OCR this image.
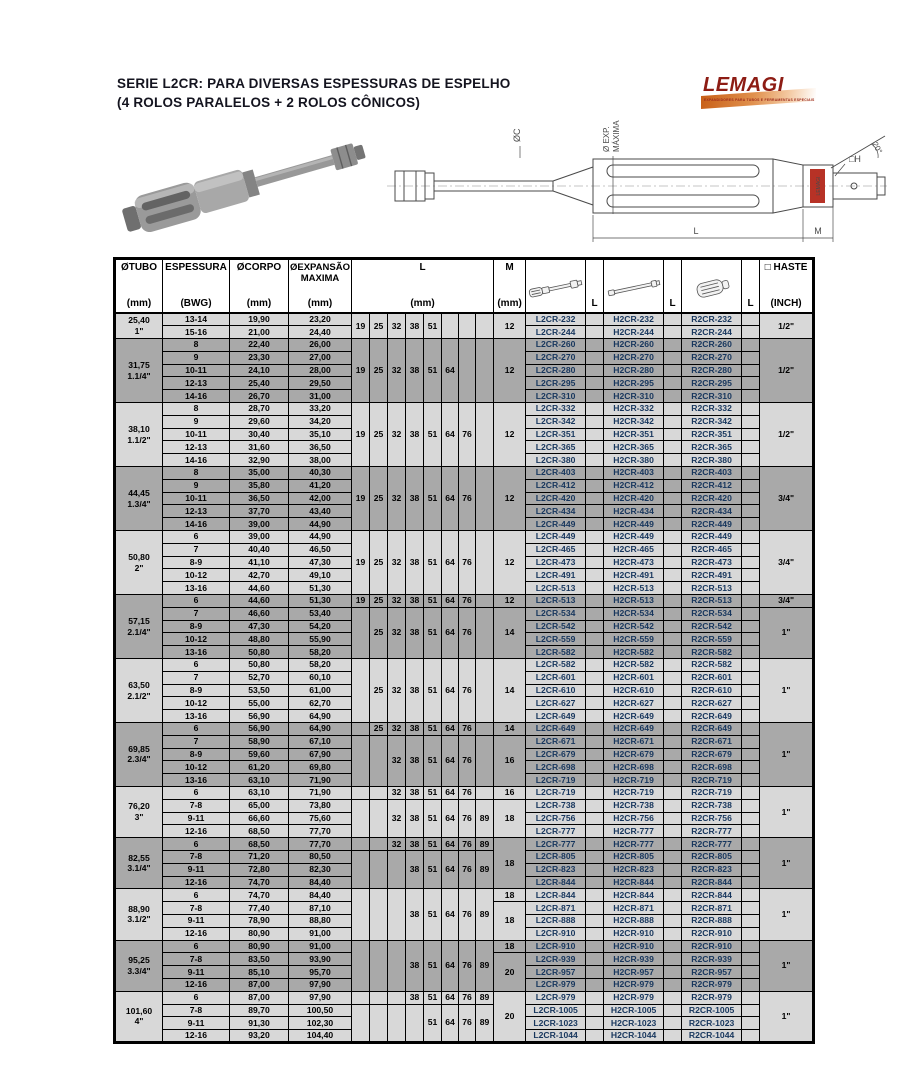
SERIE L2CR: PARA DIVERSAS ESPESSURAS DE ESPELHO
(4 ROLOS PARALELOS + 2 ROLOS CÔNICOS)
LEMAGI
EXPANDIDORES PARA TUBOS E FERRAMENTAS ESPECIAIS
LEMAGI
ØC	Ø EXP. MÁXIMA
□H
20°
L	M
ØTUBO
(mm)

ESPESSURA
(BWG)

ØCORPO
(mm)

ØEXPANSÃO
MAXIMA
(mm)

L
(mm)

M
(mm)		L		L		L

□ HASTE
(INCH)

25,40
1"	13-14	19,90	23,20	19	25	32	38	51				12	L2CR-232		H2CR-232		R2CR-232		1/2"
	15-16	21,00	24,40										L2CR-244		H2CR-244		R2CR-244		

31,75
1.1/4"	8	22,40	26,00	19	25	32	38	51	64			12	L2CR-260		H2CR-260		R2CR-260		1/2"
	9	23,30	27,00										L2CR-270		H2CR-270		R2CR-270		
	10-11	24,10	28,00										L2CR-280		H2CR-280		R2CR-280		
	12-13	25,40	29,50										L2CR-295		H2CR-295		R2CR-295		
	14-16	26,70	31,00										L2CR-310		H2CR-310		R2CR-310		

38,10
1.1/2"	8	28,70	33,20	19	25	32	38	51	64	76		12	L2CR-332		H2CR-332		R2CR-332		1/2"
	9	29,60	34,20										L2CR-342		H2CR-342		R2CR-342		
	10-11	30,40	35,10										L2CR-351		H2CR-351		R2CR-351		
	12-13	31,60	36,50										L2CR-365		H2CR-365		R2CR-365		
	14-16	32,90	38,00										L2CR-380		H2CR-380		R2CR-380		

44,45
1.3/4"	8	35,00	40,30	19	25	32	38	51	64	76		12	L2CR-403		H2CR-403		R2CR-403		3/4"
	9	35,80	41,20										L2CR-412		H2CR-412		R2CR-412		
	10-11	36,50	42,00										L2CR-420		H2CR-420		R2CR-420		
	12-13	37,70	43,40										L2CR-434		H2CR-434		R2CR-434		
	14-16	39,00	44,90										L2CR-449		H2CR-449		R2CR-449		

50,80
2"	6	39,00	44,90	19	25	32	38	51	64	76		12	L2CR-449		H2CR-449		R2CR-449		3/4"
	7	40,40	46,50										L2CR-465		H2CR-465		R2CR-465		
	8-9	41,10	47,30										L2CR-473		H2CR-473		R2CR-473		
	10-12	42,70	49,10										L2CR-491		H2CR-491		R2CR-491		
	13-16	44,60	51,30										L2CR-513		H2CR-513		R2CR-513		

57,15
2.1/4"	6	44,60	51,30	19	25	32	38	51	64	76		12	L2CR-513		H2CR-513		R2CR-513		3/4"
	7	46,60	53,40		25	32	38	51	64	76		14	L2CR-534		H2CR-534		R2CR-534		1"
	8-9	47,30	54,20										L2CR-542		H2CR-542		R2CR-542		
	10-12	48,80	55,90										L2CR-559		H2CR-559		R2CR-559		
	13-16	50,80	58,20										L2CR-582		H2CR-582		R2CR-582		

63,50
2.1/2"	6	50,80	58,20		25	32	38	51	64	76		14	L2CR-582		H2CR-582		R2CR-582		1"
	7	52,70	60,10										L2CR-601		H2CR-601		R2CR-601		
	8-9	53,50	61,00										L2CR-610		H2CR-610		R2CR-610		
	10-12	55,00	62,70										L2CR-627		H2CR-627		R2CR-627		
	13-16	56,90	64,90										L2CR-649		H2CR-649		R2CR-649		

69,85
2.3/4"	6	56,90	64,90		25	32	38	51	64	76		14	L2CR-649		H2CR-649		R2CR-649		1"
	7	58,90	67,10			32	38	51	64	76		16	L2CR-671		H2CR-671		R2CR-671		
	8-9	59,60	67,90										L2CR-679		H2CR-679		R2CR-679		
	10-12	61,20	69,80										L2CR-698		H2CR-698		R2CR-698		
	13-16	63,10	71,90										L2CR-719		H2CR-719		R2CR-719		

76,20
3"	6	63,10	71,90			32	38	51	64	76		16	L2CR-719		H2CR-719		R2CR-719		1"
	7-8	65,00	73,80			32	38	51	64	76	89	18	L2CR-738		H2CR-738		R2CR-738		
	9-11	66,60	75,60										L2CR-756		H2CR-756		R2CR-756		
	12-16	68,50	77,70										L2CR-777		H2CR-777		R2CR-777		

82,55
3.1/4"	6	68,50	77,70			32	38	51	64	76	89	18	L2CR-777		H2CR-777		R2CR-777		1"
	7-8	71,20	80,50				38	51	64	76	89		L2CR-805		H2CR-805		R2CR-805		
	9-11	72,80	82,30										L2CR-823		H2CR-823		R2CR-823		
	12-16	74,70	84,40										L2CR-844		H2CR-844		R2CR-844		

88,90
3.1/2"	6	74,70	84,40				38	51	64	76	89	18	L2CR-844		H2CR-844		R2CR-844		1"
	7-8	77,40	87,10									18	L2CR-871		H2CR-871		R2CR-871		
	9-11	78,90	88,80										L2CR-888		H2CR-888		R2CR-888		
	12-16	80,90	91,00										L2CR-910		H2CR-910		R2CR-910		

95,25
3.3/4"	6	80,90	91,00				38	51	64	76	89	18	L2CR-910		H2CR-910		R2CR-910		1"
	7-8	83,50	93,90									20	L2CR-939		H2CR-939		R2CR-939		
	9-11	85,10	95,70										L2CR-957		H2CR-957		R2CR-957		
	12-16	87,00	97,90										L2CR-979		H2CR-979		R2CR-979		

101,60
4"	6	87,00	97,90				38	51	64	76	89	20	L2CR-979		H2CR-979		R2CR-979		1"
	7-8	89,70	100,50					51	64	76	89		L2CR-1005		H2CR-1005		R2CR-1005		
	9-11	91,30	102,30										L2CR-1023		H2CR-1023		R2CR-1023		
	12-16	93,20	104,40										L2CR-1044		H2CR-1044		R2CR-1044		
